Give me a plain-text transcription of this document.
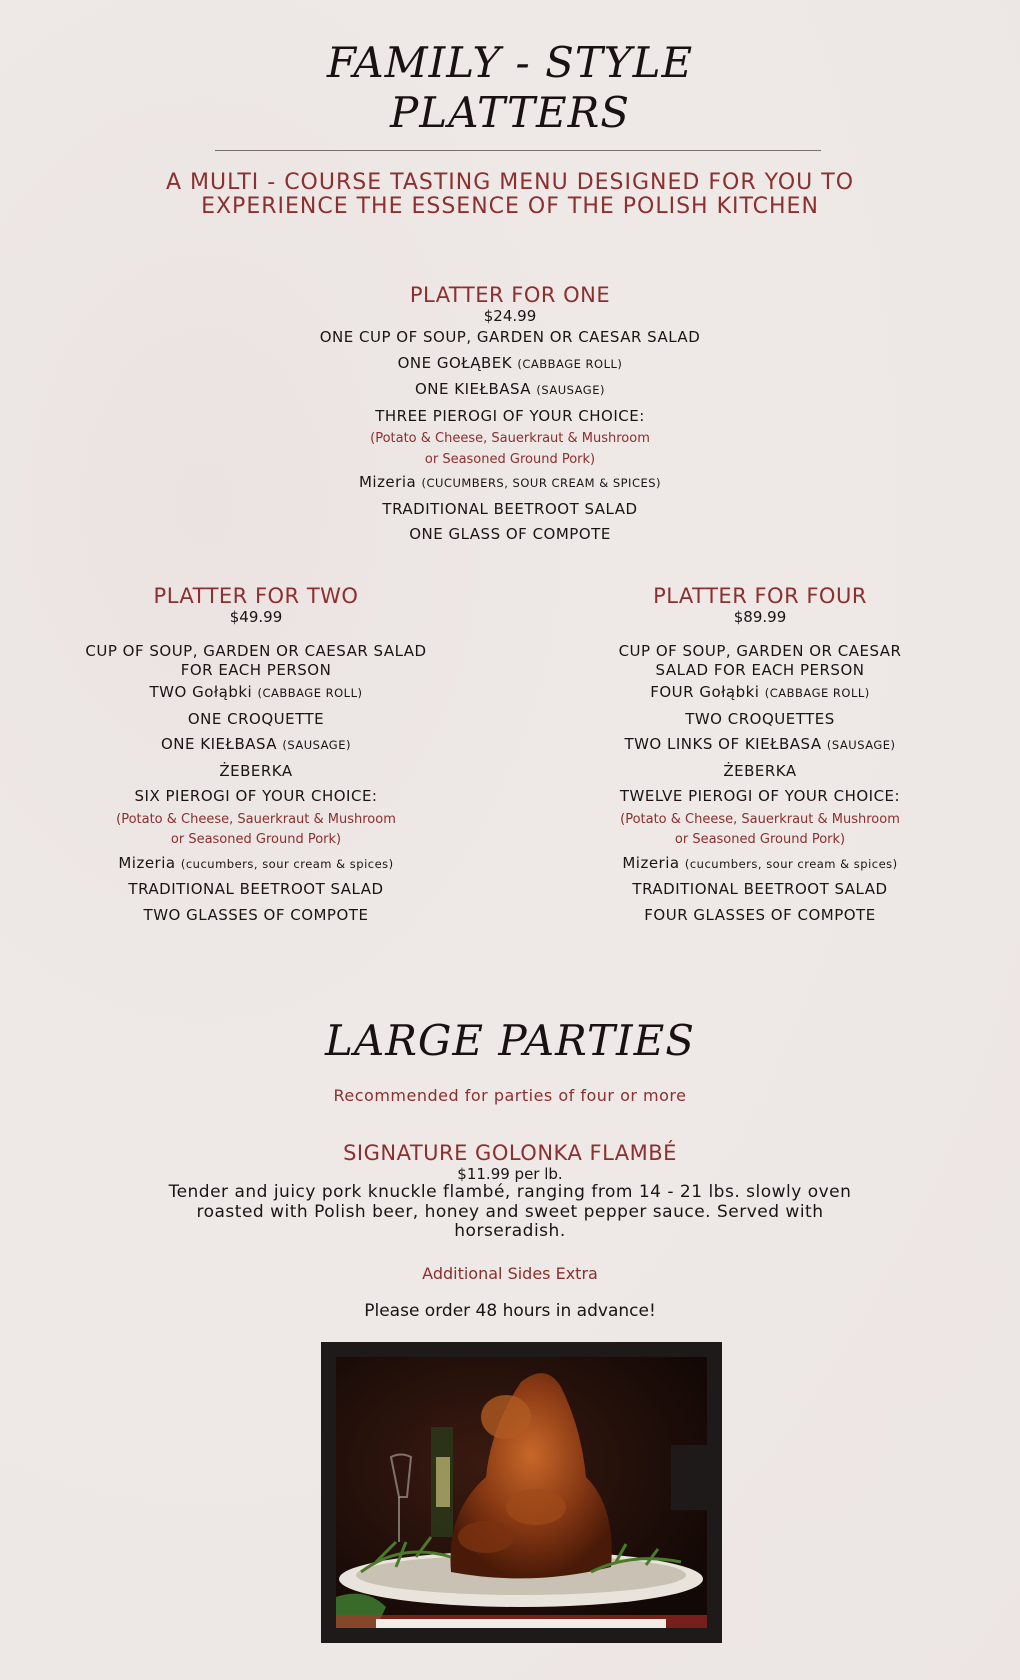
FAMILY - STYLE
PLATTERS
A MULTI - COURSE TASTING MENU DESIGNED FOR YOU TO
EXPERIENCE THE ESSENCE OF THE POLISH KITCHEN
PLATTER FOR ONE
$24.99
ONE CUP OF SOUP, GARDEN OR CAESAR SALAD
ONE GOŁĄBEK (CABBAGE ROLL)
ONE KIEŁBASA (SAUSAGE)
THREE PIEROGI OF YOUR CHOICE:
(Potato & Cheese, Sauerkraut & Mushroom
or Seasoned Ground Pork)
Mizeria (CUCUMBERS, SOUR CREAM & SPICES)
TRADITIONAL BEETROOT SALAD
ONE GLASS OF COMPOTE
PLATTER FOR TWO
$49.99
CUP OF SOUP, GARDEN OR CAESAR SALAD
FOR EACH PERSON
TWO Gołąbki (CABBAGE ROLL)
ONE CROQUETTE
ONE KIEŁBASA (SAUSAGE)
ŻEBERKA
SIX PIEROGI OF YOUR CHOICE:
(Potato & Cheese, Sauerkraut & Mushroom
or Seasoned Ground Pork)
Mizeria (cucumbers, sour cream & spices)
TRADITIONAL BEETROOT SALAD
TWO GLASSES OF COMPOTE
PLATTER FOR FOUR
$89.99
CUP OF SOUP, GARDEN OR CAESAR
SALAD FOR EACH PERSON
FOUR Gołąbki (CABBAGE ROLL)
TWO CROQUETTES
TWO LINKS OF KIEŁBASA (SAUSAGE)
ŻEBERKA
TWELVE PIEROGI OF YOUR CHOICE:
(Potato & Cheese, Sauerkraut & Mushroom
or Seasoned Ground Pork)
Mizeria (cucumbers, sour cream & spices)
TRADITIONAL BEETROOT SALAD
FOUR GLASSES OF COMPOTE
LARGE PARTIES
Recommended for parties of four or more
SIGNATURE GOLONKA FLAMBÉ
$11.99 per lb.
Tender and juicy pork knuckle flambé, ranging from 14 - 21 lbs. slowly oven
roasted with Polish beer, honey and sweet pepper sauce. Served with
horseradish.
Additional Sides Extra
Please order 48 hours in advance!
